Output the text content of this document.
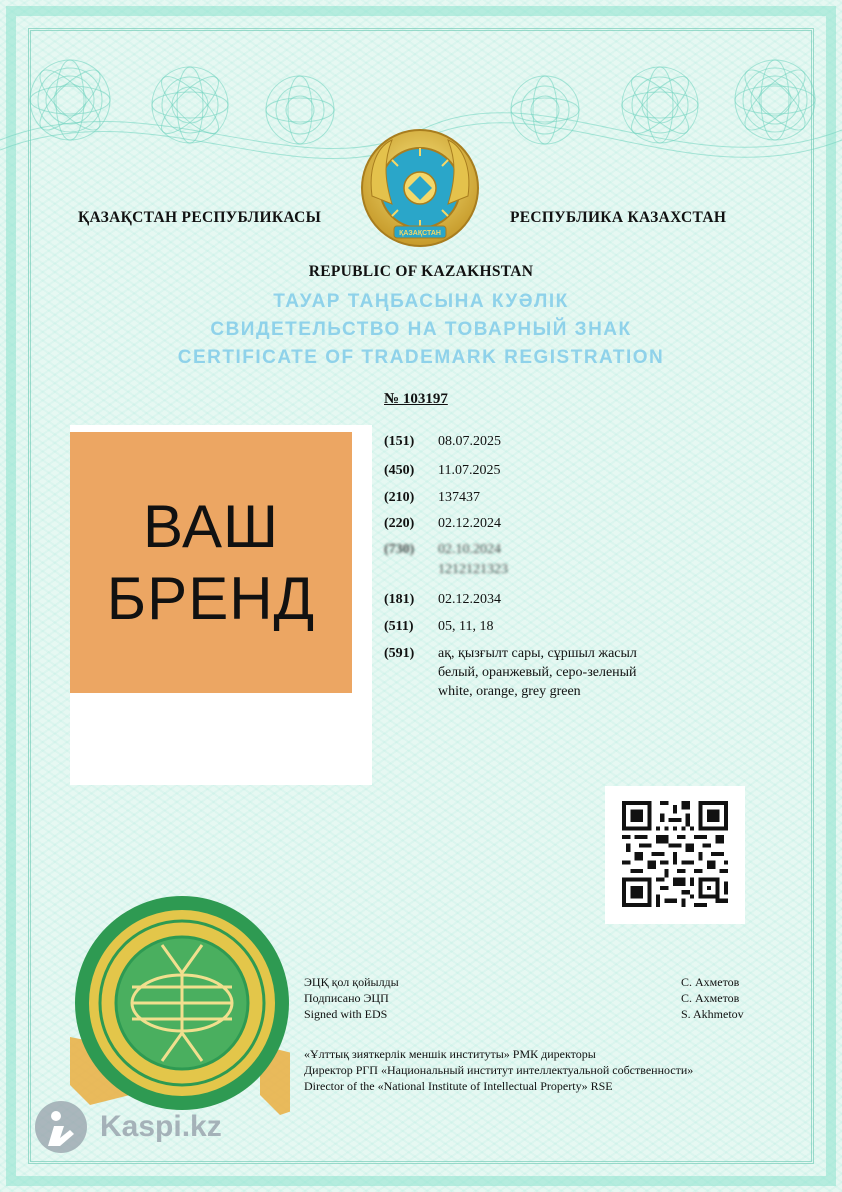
ҚАЗАҚСТАН
ҚАЗАҚСТАН РЕСПУБЛИКАСЫ	РЕСПУБЛИКА КАЗАХСТАН
REPUBLIC OF KAZAKHSTAN
ТАУАР ТАҢБАСЫНА КУӘЛІК
СВИДЕТЕЛЬСТВО НА ТОВАРНЫЙ ЗНАК
CERTIFICATE OF TRADEMARK REGISTRATION
№ 103197
ВАШ
БРЕНД
(151) 08.07.2025
(450) 11.07.2025
(210) 137437
(220) 02.12.2024
(730) 02.10.2024
1212121323
(181) 02.12.2034
(511) 05, 11, 18
(591) ақ, қызғылт сары, сұршыл жасыл
белый, оранжевый, серо-зеленый
white, orange, grey green
ЭЦҚ қол қойылды
Подписано ЭЦП
Signed with EDS
С. Ахметов
С. Ахметов
S. Akhmetov
«Ұлттық зияткерлік меншік институты» РМК директоры
Директор РГП «Национальный институт интеллектуальной собственности»
Director of the «National Institute of Intellectual Property» RSE
Kaspi.kz
